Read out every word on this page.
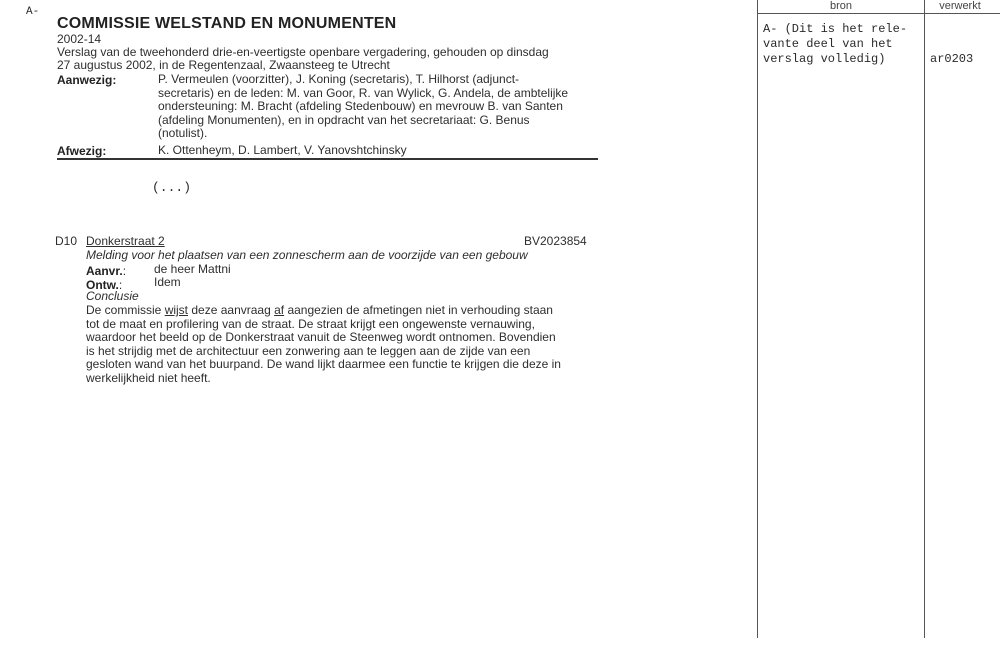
A-	bron	verwerkt
A- (Dit is het rele-
vante deel van het
verslag volledig)	ar0203
COMMISSIE WELSTAND EN MONUMENTEN
2002-14
Verslag van de tweehonderd drie-en-veertigste openbare vergadering, gehouden op dinsdag
27 augustus 2002, in de Regentenzaal, Zwaansteeg te Utrecht
Aanwezig:	P. Vermeulen (voorzitter), J. Koning (secretaris), T. Hilhorst (adjunct-
secretaris) en de leden: M. van Goor, R. van Wylick, G. Andela, de ambtelijke
ondersteuning: M. Bracht (afdeling Stedenbouw) en mevrouw B. van Santen
(afdeling Monumenten), en in opdracht van het secretariaat: G. Benus
(notulist).
Afwezig:	K. Ottenheym, D. Lambert, V. Yanovshtchinsky
(...)
D10 Donkerstraat 2	BV2023854
Melding voor het plaatsen van een zonnescherm aan de voorzijde van een gebouw
Aanvr.: de heer Mattni
Ontw.:	Idem
Conclusie
De commissie wijst deze aanvraag af aangezien de afmetingen niet in verhouding staan
tot de maat en profilering van de straat. De straat krijgt een ongewenste vernauwing,
waardoor het beeld op de Donkerstraat vanuit de Steenweg wordt ontnomen. Bovendien
is het strijdig met de architectuur een zonwering aan te leggen aan de zijde van een
gesloten wand van het buurpand. De wand lijkt daarmee een functie te krijgen die deze in
werkelijkheid niet heeft.
